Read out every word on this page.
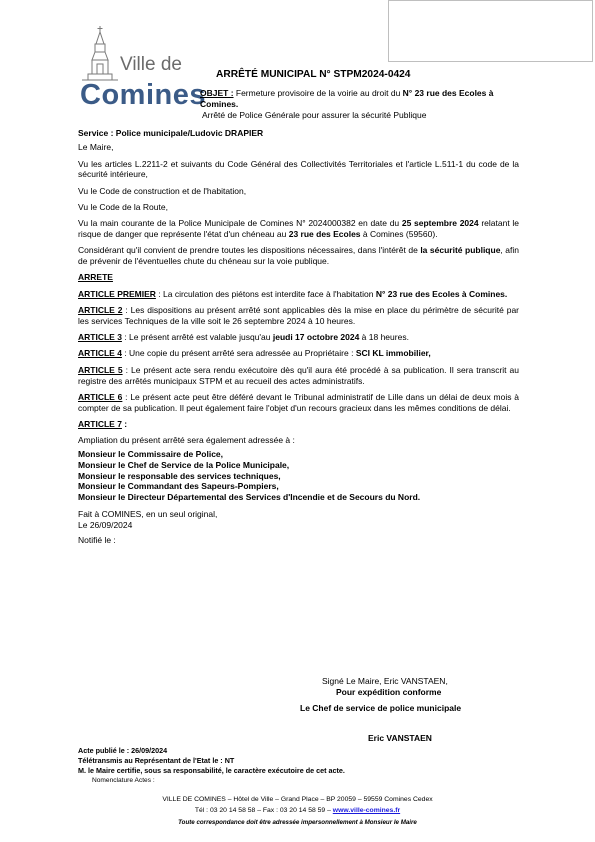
Ville de
Comines
ARRÊTÉ MUNICIPAL N° STPM2024-0424
OBJET : Fermeture provisoire de la voirie au droit du N° 23 rue des Ecoles à Comines.
Arrêté de Police Générale pour assurer la sécurité Publique

Service : Police municipale/Ludovic DRAPIER

Le Maire,

Vu les articles L.2211-2 et suivants du Code Général des Collectivités Territoriales et l'article L.511-1 du code de la sécurité intérieure,

Vu le Code de construction et de l'habitation,

Vu le Code de la Route,

Vu la main courante de la Police Municipale de Comines N° 2024000382 en date du 25 septembre 2024 relatant le risque de danger que représente l'état d'un chéneau au 23 rue des Ecoles à Comines (59560).

Considérant qu'il convient de prendre toutes les dispositions nécessaires, dans l'intérêt de la sécurité publique, afin de prévenir de l'éventuelles chute du chéneau sur la voie publique.

ARRETE

ARTICLE PREMIER : La circulation des piétons est interdite face à l'habitation N° 23 rue des Ecoles à Comines.

ARTICLE 2 : Les dispositions au présent arrêté sont applicables dès la mise en place du périmètre de sécurité par les services Techniques de la ville soit le 26 septembre 2024 à 10 heures.

ARTICLE 3 : Le présent arrêté est valable jusqu'au jeudi 17 octobre 2024 à 18 heures.

ARTICLE 4 : Une copie du présent arrêté sera adressée au Propriétaire : SCI KL immobilier,

ARTICLE 5 : Le présent acte sera rendu exécutoire dès qu'il aura été procédé à sa publication. Il sera transcrit au registre des arrêtés municipaux STPM et au recueil des actes administratifs.

ARTICLE 6 : Le présent acte peut être déféré devant le Tribunal administratif de Lille dans un délai de deux mois à compter de sa publication. Il peut également faire l'objet d'un recours gracieux dans les mêmes conditions de délai.

ARTICLE 7 :

Ampliation du présent arrêté sera également adressée à :

Monsieur le Commissaire de Police,

Monsieur le Chef de Service de la Police Municipale,

Monsieur le responsable des services techniques,

Monsieur le Commandant des Sapeurs-Pompiers,

Monsieur le Directeur Départemental des Services d'Incendie et de Secours du Nord.

Fait à COMINES, en un seul original,

Le 26/09/2024

Notifié le :

Signé Le Maire, Eric VANSTAEN,
Pour expédition conforme
Le Chef de service de police municipale
Eric VANSTAEN
Acte publié le : 26/09/2024
Télétransmis au Représentant de l'Etat le : NT
M. le Maire certifie, sous sa responsabilité, le caractère exécutoire de cet acte.
Nomenclature Actes :
VILLE DE COMINES – Hôtel de Ville – Grand Place – BP 20059 – 59559 Comines Cedex
Tél : 03 20 14 58 58 – Fax : 03 20 14 58 59 – www.ville-comines.fr
Toute correspondance doit être adressée impersonnellement à Monsieur le Maire
